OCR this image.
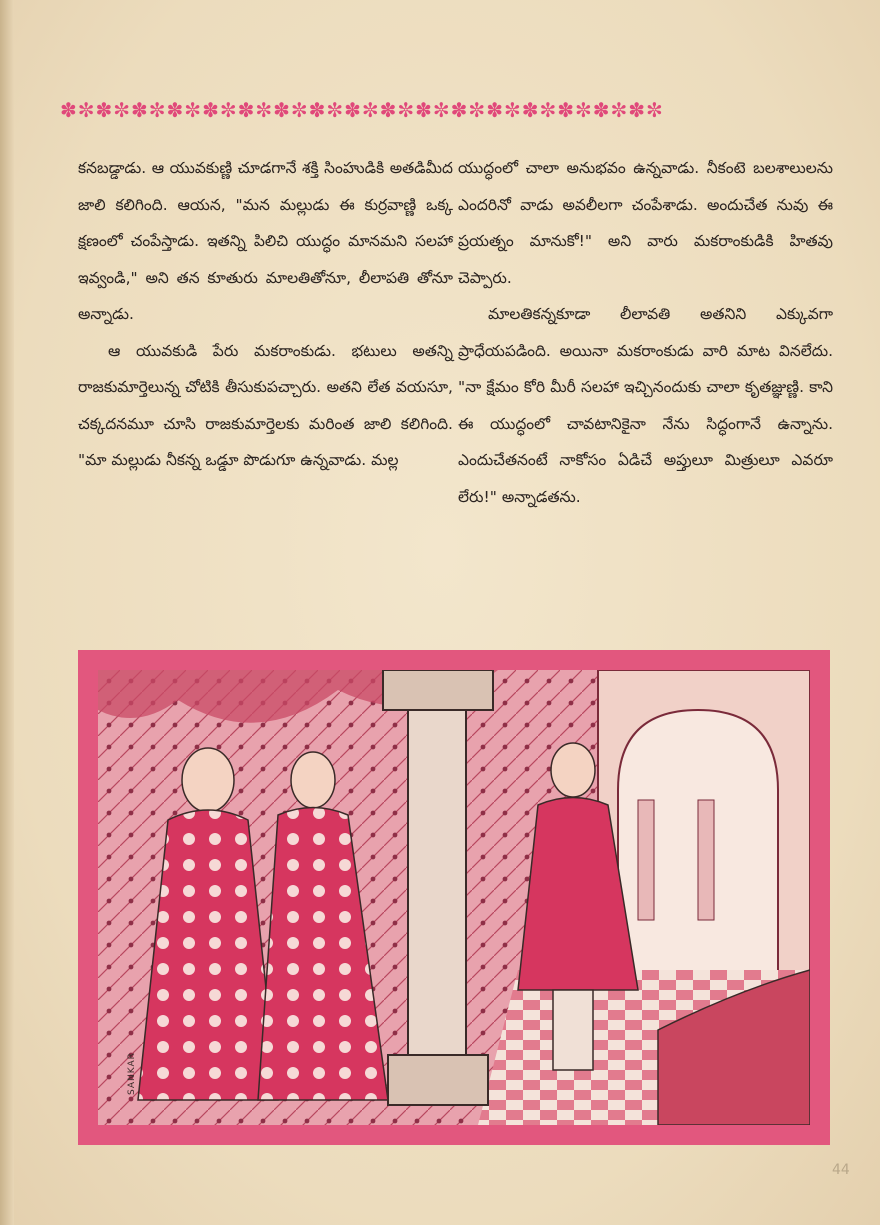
✽✼✽✼✽✼✽✼✽✼✽✼✽✼✽✼✽✼✽✼✽✼✽✼✽✼✽✼✽✼✽✼✽✼

కనబడ్డాడు. ఆ యువకుణ్ణి చూడగానే శక్తి సింహుడికి అతడిమీద జాలి కలిగింది. ఆయన, "మన మల్లుడు ఈ కుర్రవాణ్ణి ఒక్క క్షణంలో చంపేస్తాడు. ఇతన్ని పిలిచి యుద్ధం మానమని సలహా ఇవ్వండి," అని తన కూతురు మాలతితోనూ, లీలాపతి తోనూ అన్నాడు.

ఆ యువకుడి పేరు మకరాంకుడు. భటులు అతన్ని రాజకుమార్తెలున్న చోటికి తీసుకుపచ్చారు. అతని లేత వయసూ, చక్కదనమూ చూసి రాజకుమార్తెలకు మరింత జాలి కలిగింది. "మా మల్లుడు నీకన్న ఒడ్డూ పొడుగూ ఉన్నవాడు. మల్ల

యుద్ధంలో చాలా అనుభవం ఉన్నవాడు. నీకంటె బలశాలులను ఎందరినో వాడు అవలీలగా చంపేశాడు. అందుచేత నువు ఈ ప్రయత్నం మానుకో!" అని వారు మకరాంకుడికి హితవు చెప్పారు.

మాలతికన్నకూడా లీలావతి అతనిని ఎక్కువగా ప్రాధేయపడింది. అయినా మకరాంకుడు వారి మాట వినలేదు. "నా క్షేమం కోరి మీరీ సలహా ఇచ్చినందుకు చాలా కృతజ్ఞుణ్ణి. కాని ఈ యుద్ధంలో చావటానికైనా నేను సిద్ధంగానే ఉన్నాను. ఎందుచేతనంటే నాకోసం ఏడిచే అప్తులూ మిత్రులూ ఎవరూ లేరు!" అన్నాడతను.

SANKAR
44
